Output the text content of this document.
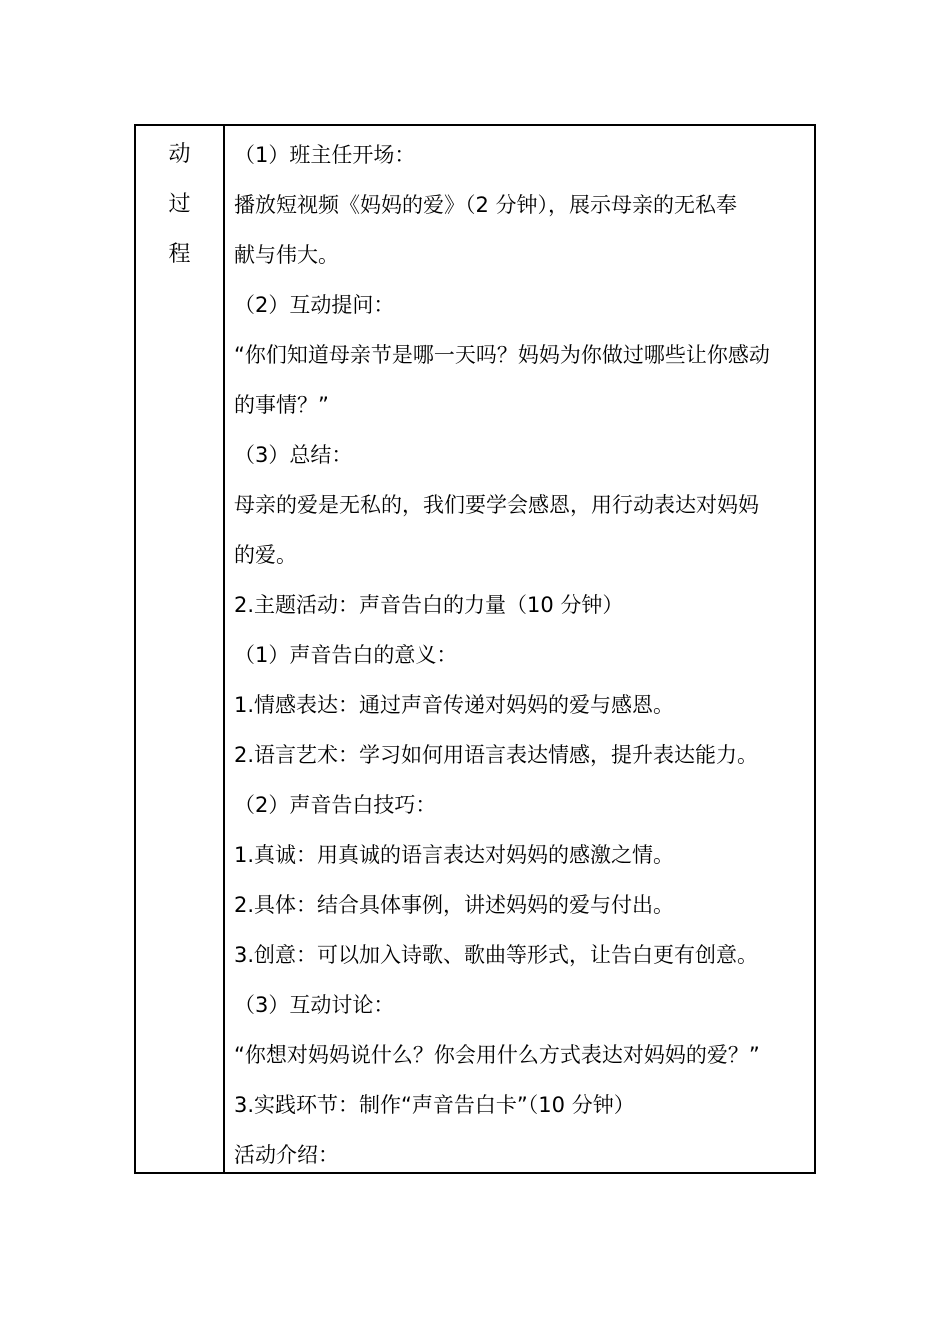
动
过
程
（1）班主任开场：
播放短视频《妈妈的爱》（2 分钟），展示母亲的无私奉
献与伟大。
（2）互动提问：
“你们知道母亲节是哪一天吗？妈妈为你做过哪些让你感动
的事情？”
（3）总结：
母亲的爱是无私的，我们要学会感恩，用行动表达对妈妈
的爱。
2.主题活动：声音告白的力量（10 分钟）
（1）声音告白的意义：
1.情感表达：通过声音传递对妈妈的爱与感恩。
2.语言艺术：学习如何用语言表达情感，提升表达能力。
（2）声音告白技巧：
1.真诚：用真诚的语言表达对妈妈的感激之情。
2.具体：结合具体事例，讲述妈妈的爱与付出。
3.创意：可以加入诗歌、歌曲等形式，让告白更有创意。
（3）互动讨论：
“你想对妈妈说什么？你会用什么方式表达对妈妈的爱？”
3.实践环节：制作“声音告白卡”（10 分钟）
活动介绍：
